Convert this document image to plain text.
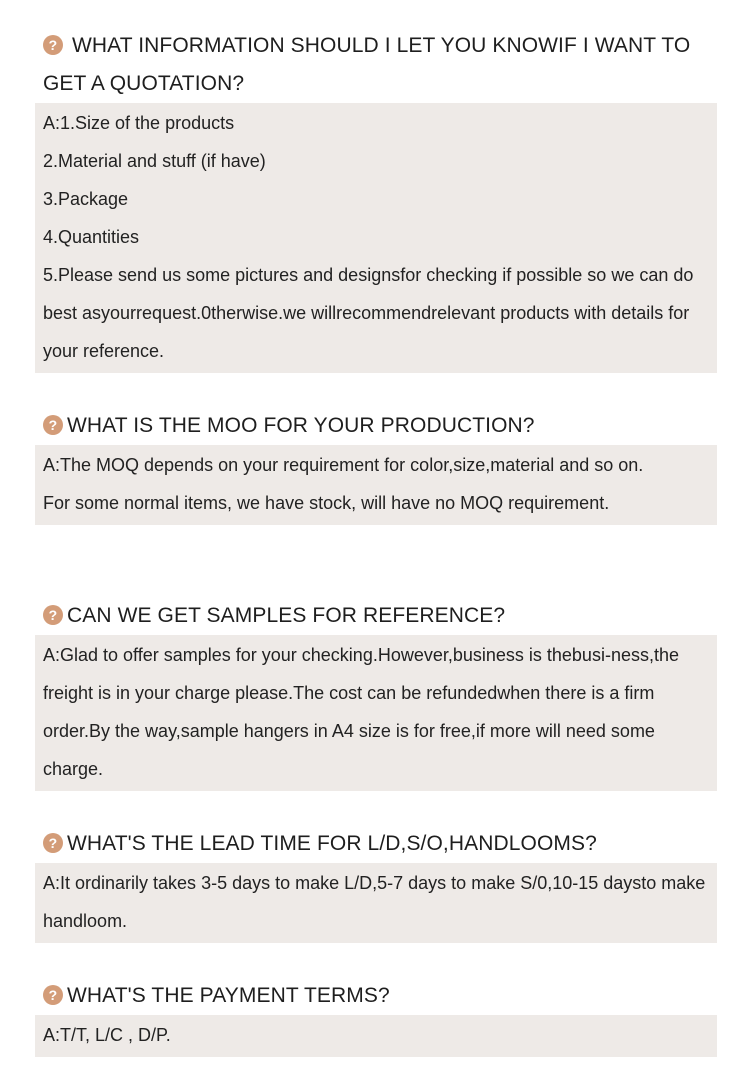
? WHAT INFORMATION SHOULD I LET YOU KNOWIF I WANT TO GET A QUOTATION?

A:1.Size of the products

2.Material and stuff (if have)

3.Package

4.Quantities

5.Please send us some pictures and designsfor checking if possible so we can do best asyourrequest.0therwise.we willrecommendrelevant products with details for your reference.

? WHAT IS THE MOO FOR YOUR PRODUCTION?

A:The MOQ depends on your requirement for color,size,material and so on.

For some normal items, we have stock, will have no MOQ requirement.

? CAN WE GET SAMPLES FOR REFERENCE?

A:Glad to offer samples for your checking.However,business is thebusi-ness,the freight is in your charge please.The cost can be refundedwhen there is a firm order.By the way,sample hangers in A4 size is for free,if more will need some charge.

? WHAT'S THE LEAD TIME FOR L/D,S/O,HANDLOOMS?

A:It ordinarily takes 3-5 days to make L/D,5-7 days to make S/0,10-15 daysto make handloom.

? WHAT'S THE PAYMENT TERMS?

A:T/T, L/C , D/P.
